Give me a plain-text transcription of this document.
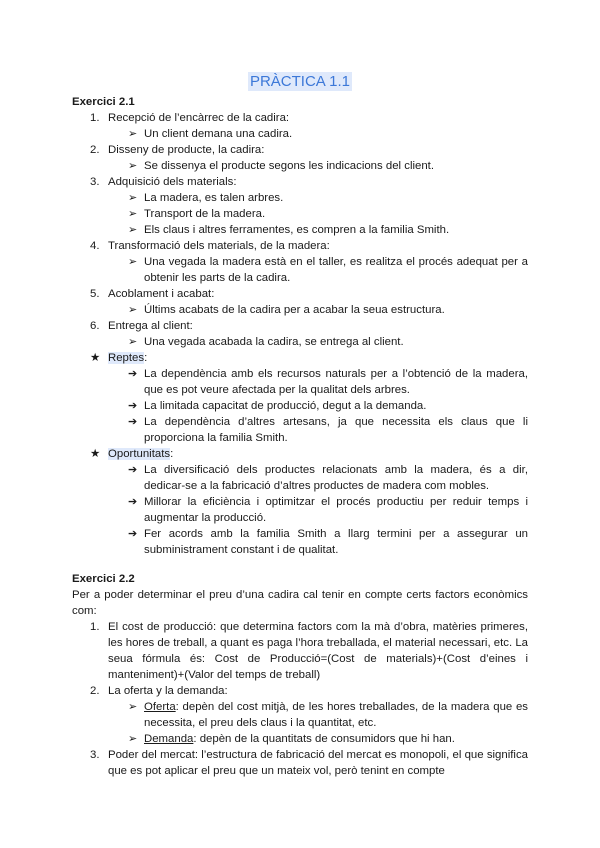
PRÀCTICA 1.1
Exercici 2.1
1. Recepció de l’encàrrec de la cadira:
➢ Un client demana una cadira.
2. Disseny de producte, la cadira:
➢ Se dissenya el producte segons les indicacions del client.
3. Adquisició dels materials:
➢ La madera, es talen arbres.
➢ Transport de la madera.
➢ Els claus i altres ferramentes, es compren a la familia Smith.
4. Transformació dels materials, de la madera:
➢ Una vegada la madera està en el taller, es realitza el procés adequat per a obtenir les parts de la cadira.
5. Acoblament i acabat:
➢ Últims acabats de la cadira per a acabar la seua estructura.
6. Entrega al client:
➢ Una vegada acabada la cadira, se entrega al client.
★ Reptes:
➔ La dependència amb els recursos naturals per a l’obtenció de la madera, que es pot veure afectada per la qualitat dels arbres.
➔ La limitada capacitat de producció, degut a la demanda.
➔ La dependència d’altres artesans, ja que necessita els claus que li proporciona la familia Smith.
★ Oportunitats:
➔ La diversificació dels productes relacionats amb la madera, és a dir, dedicar-se a la fabricació d’altres productes de madera com mobles.
➔ Millorar la eficiència i optimitzar el procés productiu per reduir temps i augmentar la producció.
➔ Fer acords amb la familia Smith a llarg termini per a assegurar un subministrament constant i de qualitat.
Exercici 2.2
Per a poder determinar el preu d’una cadira cal tenir en compte certs factors econòmics com:
1. El cost de producció: que determina factors com la mà d’obra, matèries primeres, les hores de treball, a quant es paga l’hora treballada, el material necessari, etc. La seua fórmula és: Cost de Producció=(Cost de materials)+(Cost d’eines i manteniment)+(Valor del temps de treball)
2. La oferta y la demanda:
➢ Oferta: depèn del cost mitjà, de les hores treballades, de la madera que es necessita, el preu dels claus i la quantitat, etc.
➢ Demanda: depèn de la quantitats de consumidors que hi han.
3. Poder del mercat: l’estructura de fabricació del mercat es monopoli, el que significa que es pot aplicar el preu que un mateix vol, però tenint en compte
